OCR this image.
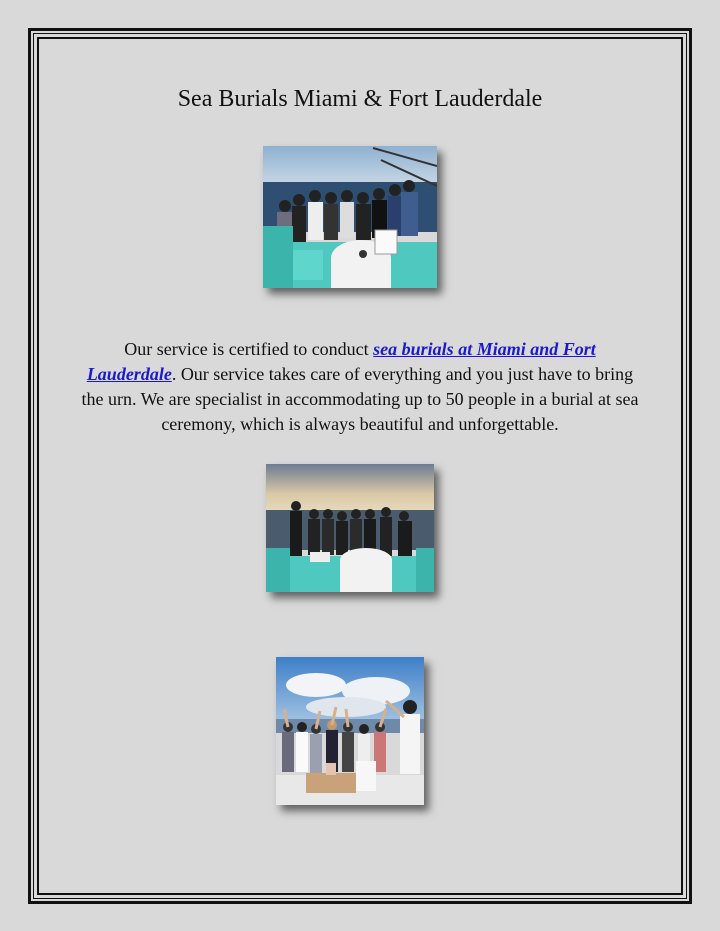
Sea Burials Miami & Fort Lauderdale
Our service is certified to conduct sea burials at Miami and Fort Lauderdale. Our service takes care of everything and you just have to bring the urn. We are specialist in accommodating up to 50 people in a burial at sea ceremony, which is always beautiful and unforgettable.
